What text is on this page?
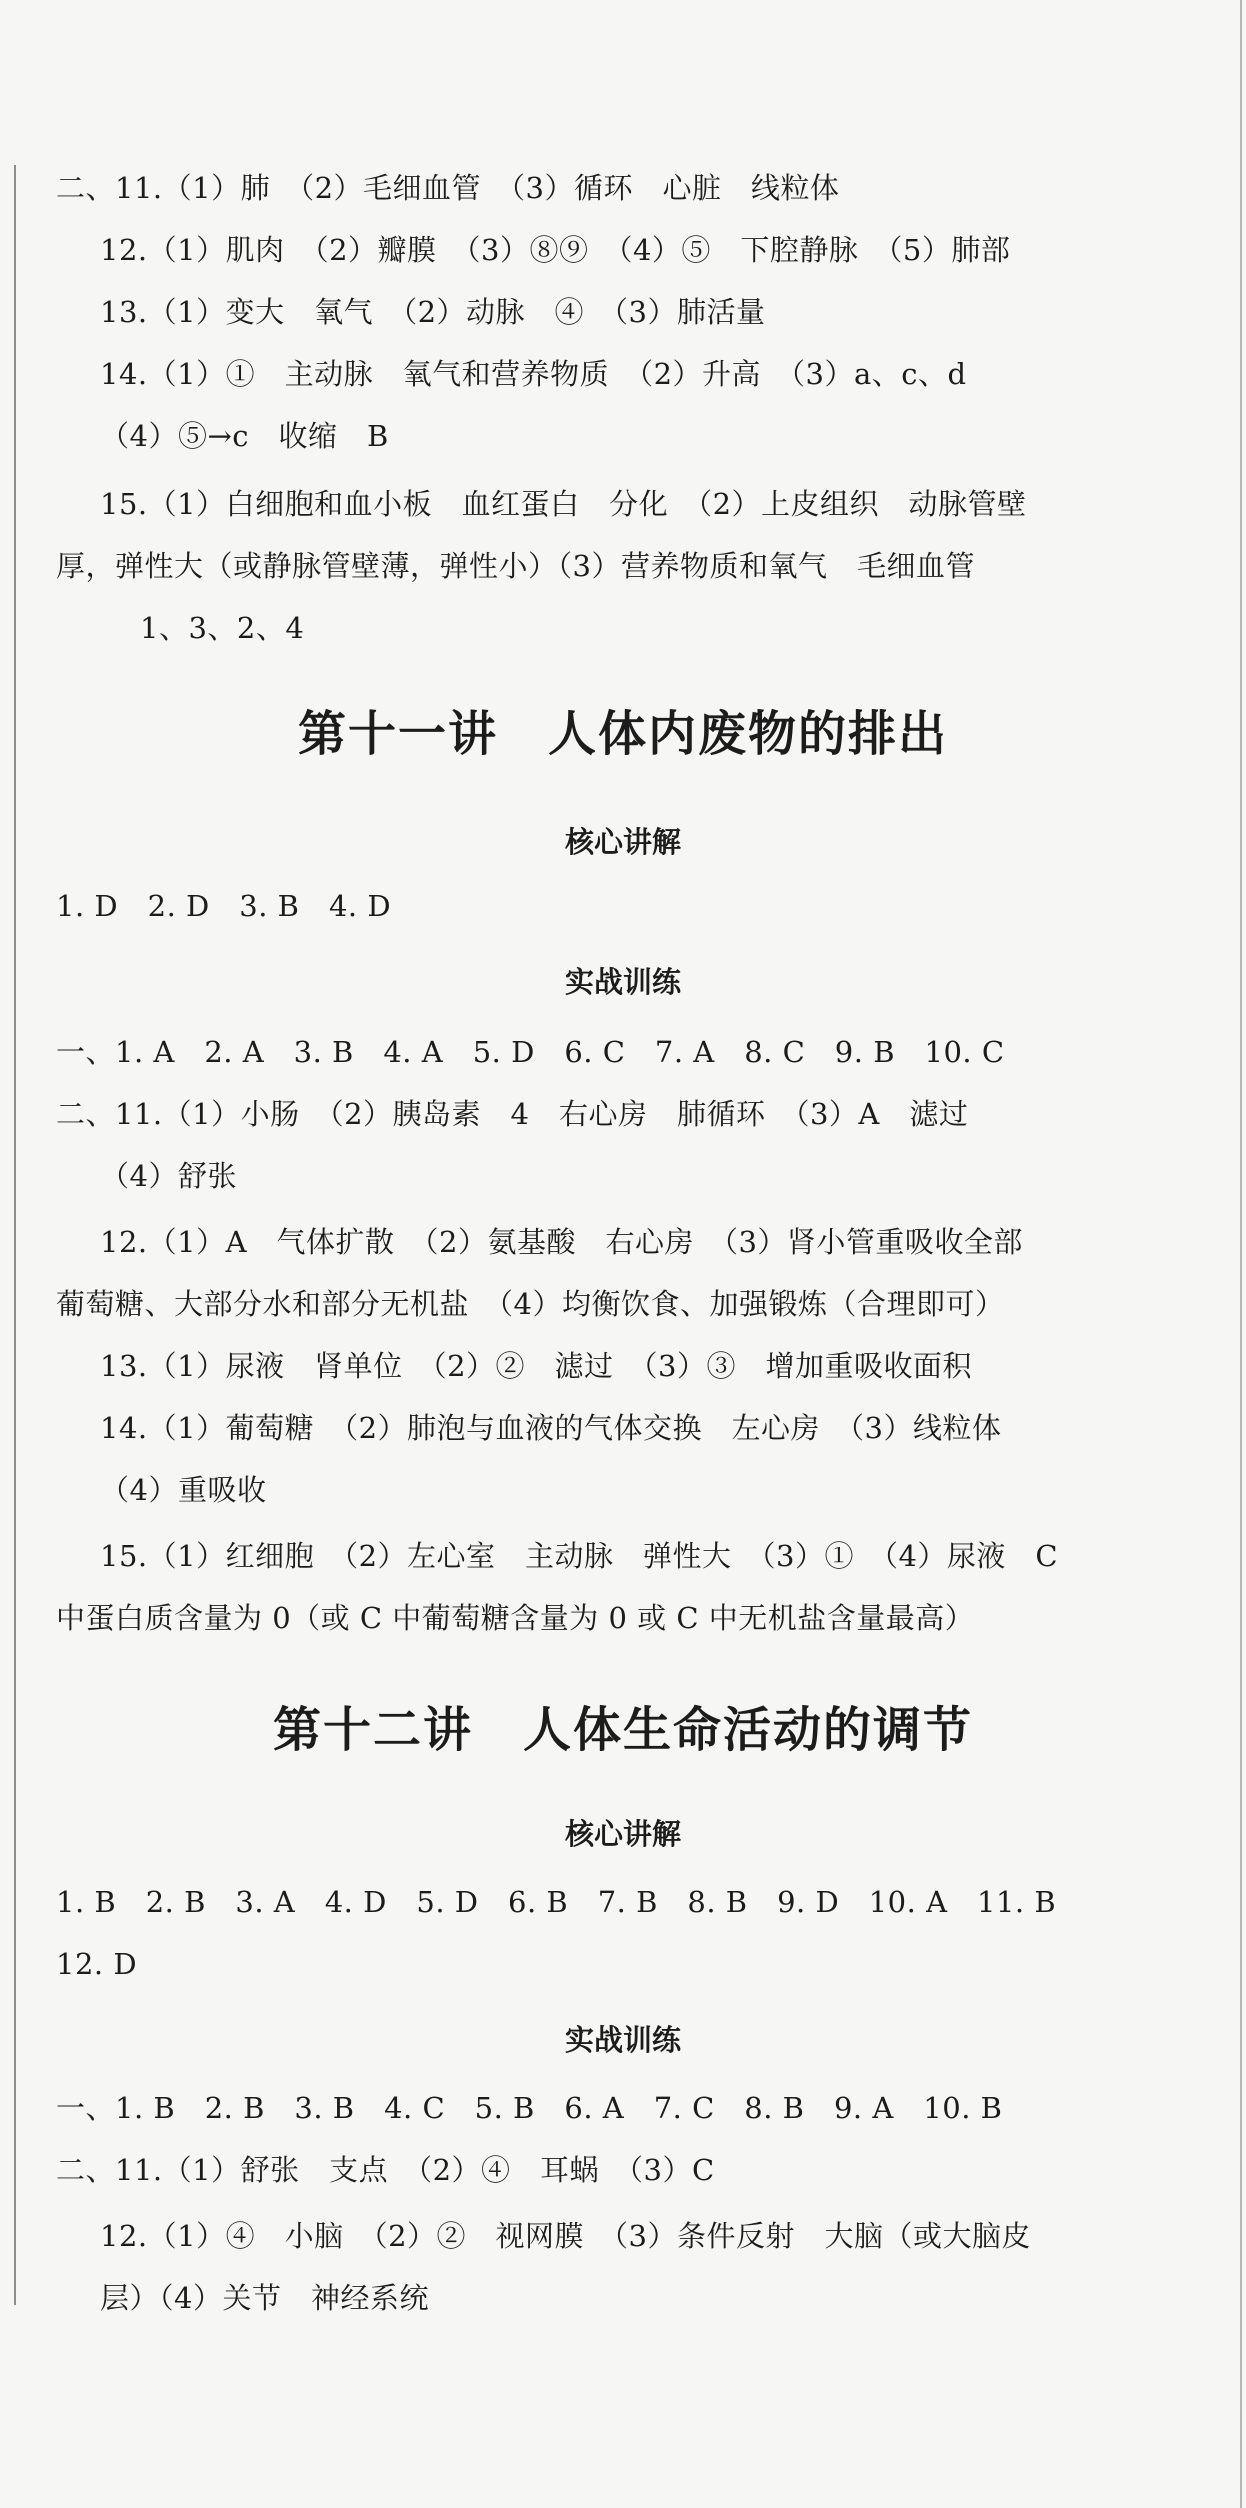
二、11.（1）肺　（2）毛细血管　（3）循环　心脏　线粒体
12.（1）肌肉　（2）瓣膜　（3）⑧⑨　（4）⑤　下腔静脉　（5）肺部
13.（1）变大　氧气　（2）动脉　④　（3）肺活量
14.（1）①　主动脉　氧气和营养物质　（2）升高　（3）a、c、d
（4）⑤→c　收缩　B
15.（1）白细胞和血小板　血红蛋白　分化　（2）上皮组织　动脉管壁
厚，弹性大（或静脉管壁薄，弹性小）（3）营养物质和氧气　毛细血管
1、3、2、4
第十一讲　人体内废物的排出
核心讲解
1. D　2. D　3. B　4. D
实战训练
一、1. A　2. A　3. B　4. A　5. D　6. C　7. A　8. C　9. B　10. C
二、11.（1）小肠　（2）胰岛素　4　右心房　肺循环　（3）A　滤过
（4）舒张
12.（1）A　气体扩散　（2）氨基酸　右心房　（3）肾小管重吸收全部
葡萄糖、大部分水和部分无机盐　（4）均衡饮食、加强锻炼（合理即可）
13.（1）尿液　肾单位　（2）②　滤过　（3）③　增加重吸收面积
14.（1）葡萄糖　（2）肺泡与血液的气体交换　左心房　（3）线粒体
（4）重吸收
15.（1）红细胞　（2）左心室　主动脉　弹性大　（3）①　（4）尿液　C
中蛋白质含量为 0（或 C 中葡萄糖含量为 0 或 C 中无机盐含量最高）
第十二讲　人体生命活动的调节
核心讲解
1. B　2. B　3. A　4. D　5. D　6. B　7. B　8. B　9. D　10. A　11. B
12. D
实战训练
一、1. B　2. B　3. B　4. C　5. B　6. A　7. C　8. B　9. A　10. B
二、11.（1）舒张　支点　（2）④　耳蜗　（3）C
12.（1）④　小脑　（2）②　视网膜　（3）条件反射　大脑（或大脑皮
层）（4）关节　神经系统
